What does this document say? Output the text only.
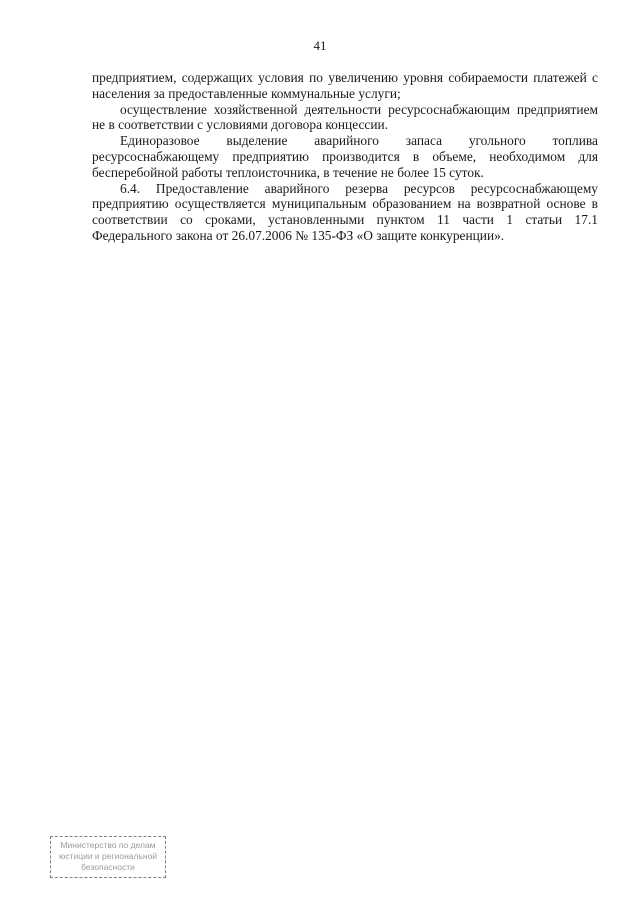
41

предприятием, содержащих условия по увеличению уровня собираемости платежей с населения за предоставленные коммунальные услуги;

осуществление хозяйственной деятельности ресурсоснабжающим предприятием не в соответствии с условиями договора концессии.

Единоразовое выделение аварийного запаса угольного топлива ресурсоснабжающему предприятию производится в объеме, необходимом для бесперебойной работы теплоисточника, в течение не более 15 суток.

6.4. Предоставление аварийного резерва ресурсов ресурсоснабжающему предприятию осуществляется муниципальным образованием на возвратной основе в соответствии со сроками, установленными пунктом 11 части 1 статьи 17.1 Федерального закона от 26.07.2006 № 135-ФЗ «О защите конкуренции».

Министерство по делам
юстиции и региональной
безопасности
